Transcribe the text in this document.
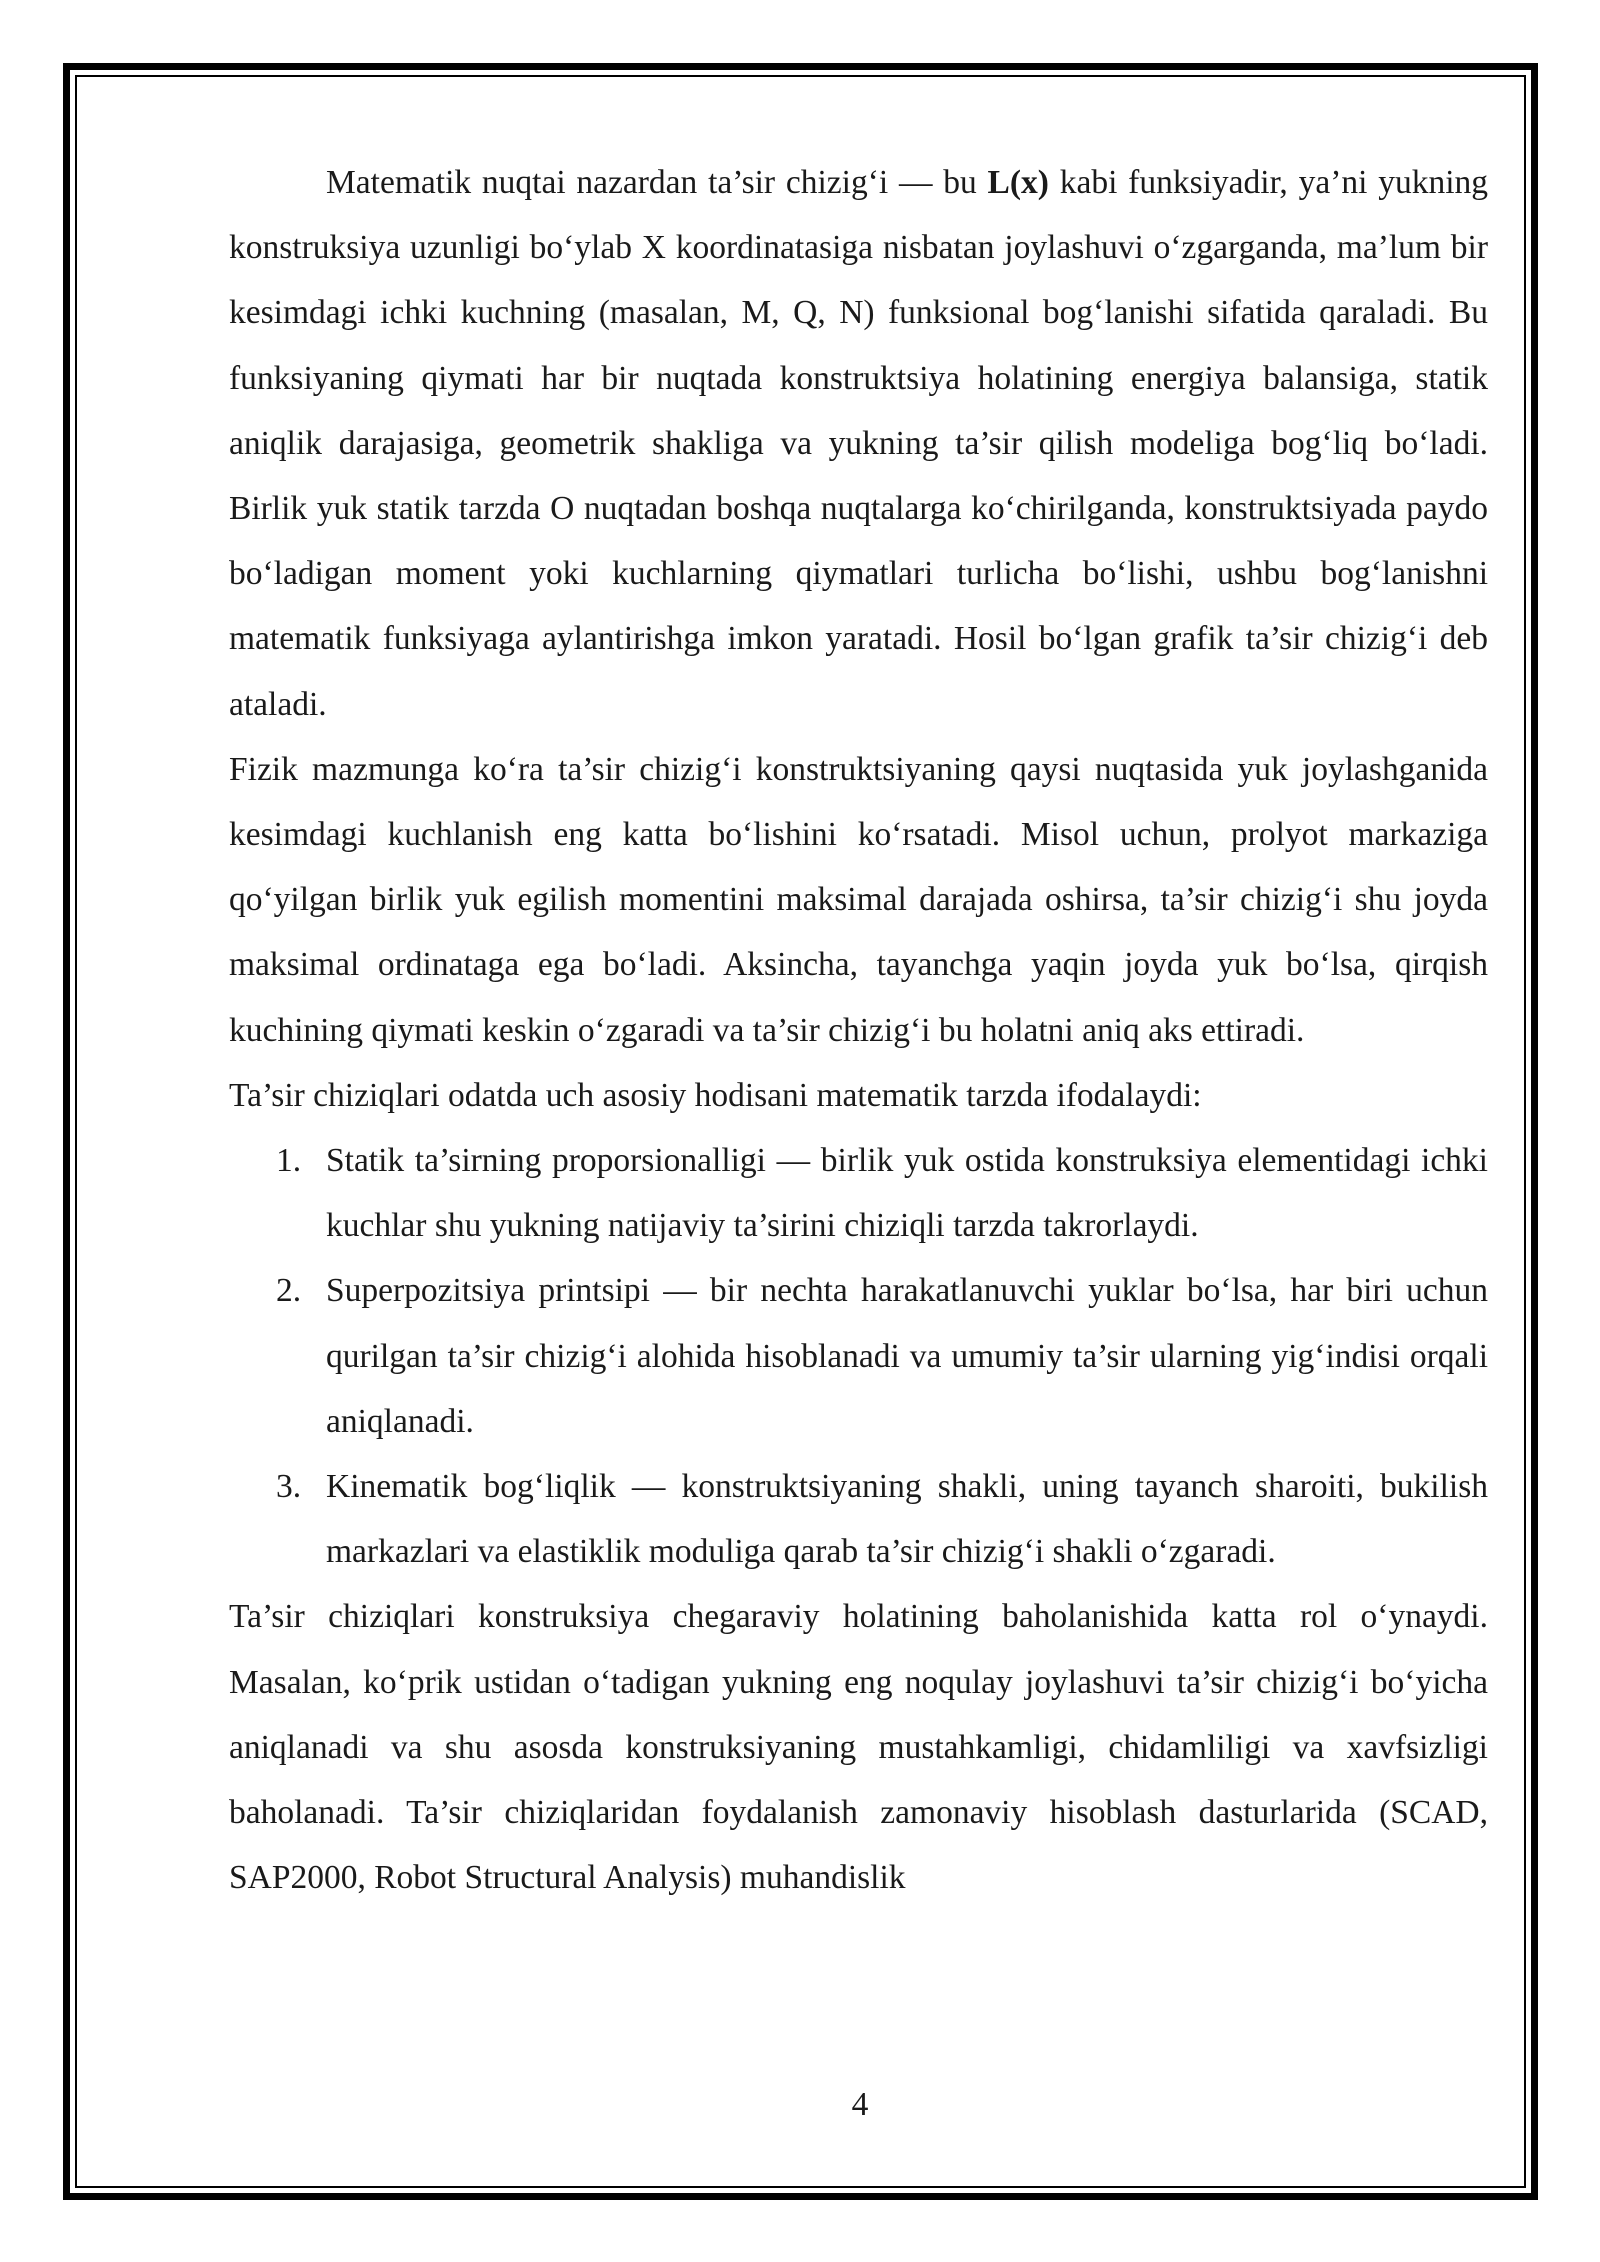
Matematik nuqtai nazardan ta’sir chizig‘i — bu L(x) kabi funksiyadir, ya’ni yukning konstruksiya uzunligi bo‘ylab X koordinatasiga nisbatan joylashuvi o‘zgarganda, ma’lum bir kesimdagi ichki kuchning (masalan, M, Q, N) funksional bog‘lanishi sifatida qaraladi. Bu funksiyaning qiymati har bir nuqtada konstruktsiya holatining energiya balansiga, statik aniqlik darajasiga, geometrik shakliga va yukning ta’sir qilish modeliga bog‘liq bo‘ladi. Birlik yuk statik tarzda O nuqtadan boshqa nuqtalarga ko‘chirilganda, konstruktsiyada paydo bo‘ladigan moment yoki kuchlarning qiymatlari turlicha bo‘lishi, ushbu bog‘lanishni matematik funksiyaga aylantirishga imkon yaratadi. Hosil bo‘lgan grafik ta’sir chizig‘i deb ataladi.

Fizik mazmunga ko‘ra ta’sir chizig‘i konstruktsiyaning qaysi nuqtasida yuk joylashganida kesimdagi kuchlanish eng katta bo‘lishini ko‘rsatadi. Misol uchun, prolyot markaziga qo‘yilgan birlik yuk egilish momentini maksimal darajada oshirsa, ta’sir chizig‘i shu joyda maksimal ordinataga ega bo‘ladi. Aksincha, tayanchga yaqin joyda yuk bo‘lsa, qirqish kuchining qiymati keskin o‘zgaradi va ta’sir chizig‘i bu holatni aniq aks ettiradi.

Ta’sir chiziqlari odatda uch asosiy hodisani matematik tarzda ifodalaydi:

1. Statik ta’sirning proporsionalligi — birlik yuk ostida konstruksiya elementidagi ichki kuchlar shu yukning natijaviy ta’sirini chiziqli tarzda takrorlaydi.
2. Superpozitsiya printsipi — bir nechta harakatlanuvchi yuklar bo‘lsa, har biri uchun qurilgan ta’sir chizig‘i alohida hisoblanadi va umumiy ta’sir ularning yig‘indisi orqali aniqlanadi.
3. Kinematik bog‘liqlik — konstruktsiyaning shakli, uning tayanch sharoiti, bukilish markazlari va elastiklik moduliga qarab ta’sir chizig‘i shakli o‘zgaradi.

Ta’sir chiziqlari konstruksiya chegaraviy holatining baholanishida katta rol o‘ynaydi. Masalan, ko‘prik ustidan o‘tadigan yukning eng noqulay joylashuvi ta’sir chizig‘i bo‘yicha aniqlanadi va shu asosda konstruksiyaning mustahkamligi, chidamliligi va xavfsizligi baholanadi. Ta’sir chiziqlaridan foydalanish zamonaviy hisoblash dasturlarida (SCAD, SAP2000, Robot Structural Analysis) muhandislik

4
